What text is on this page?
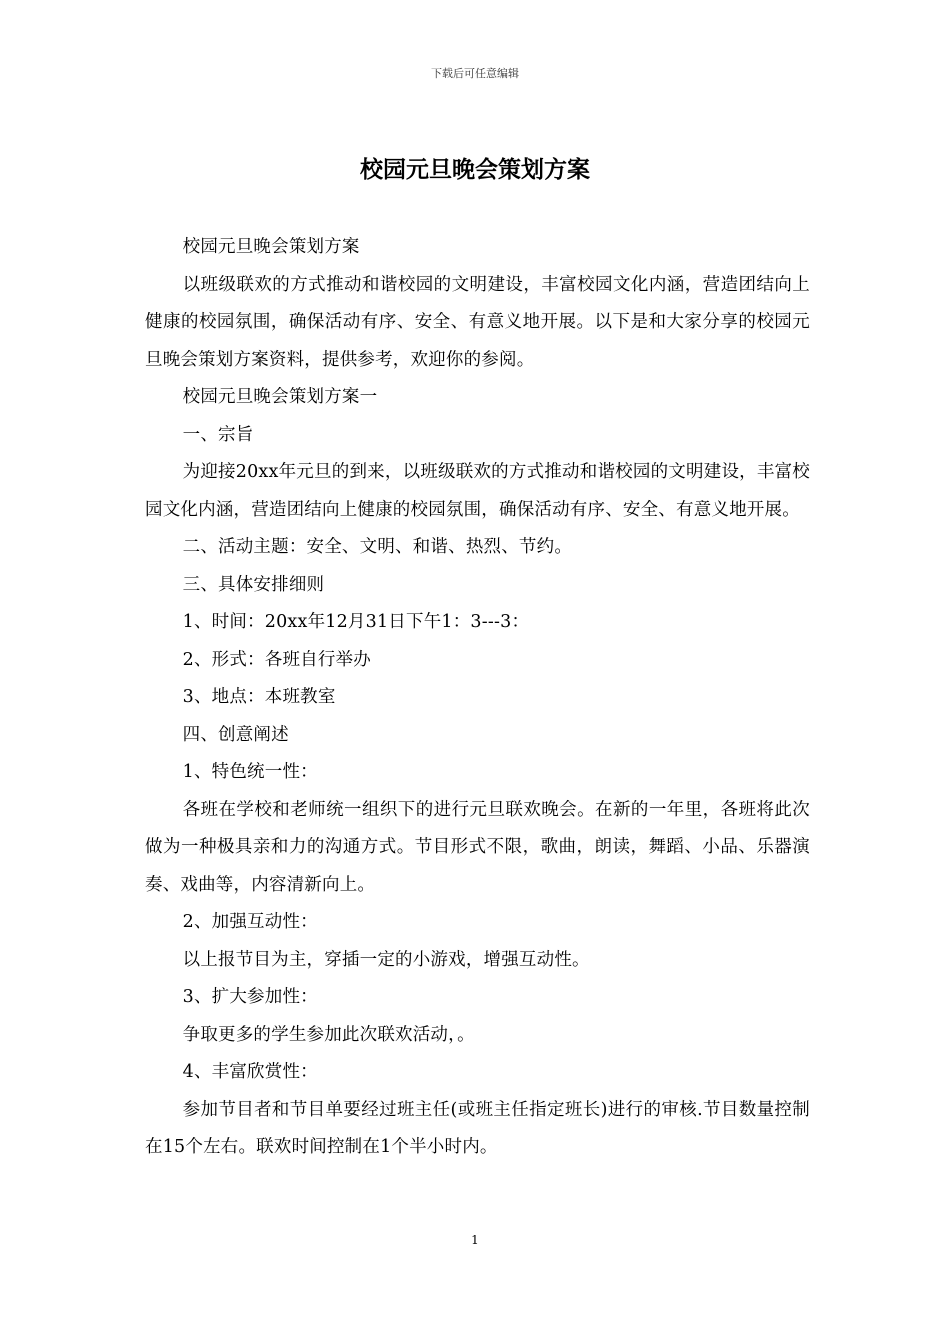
下载后可任意编辑
校园元旦晚会策划方案

校园元旦晚会策划方案

以班级联欢的方式推动和谐校园的文明建设，丰富校园文化内涵，营造团结向上健康的校园氛围，确保活动有序、安全、有意义地开展。以下是和大家分享的校园元旦晚会策划方案资料，提供参考，欢迎你的参阅。

校园元旦晚会策划方案一

一、宗旨

为迎接20xx年元旦的到来，以班级联欢的方式推动和谐校园的文明建设，丰富校园文化内涵，营造团结向上健康的校园氛围，确保活动有序、安全、有意义地开展。

二、活动主题：安全、文明、和谐、热烈、节约。

三、具体安排细则

1、时间：20xx年12月31日下午1：3---3：

2、形式：各班自行举办

3、地点：本班教室

四、创意阐述

1、特色统一性：

各班在学校和老师统一组织下的进行元旦联欢晚会。在新的一年里，各班将此次做为一种极具亲和力的沟通方式。节目形式不限，歌曲，朗读，舞蹈、小品、乐器演奏、戏曲等，内容清新向上。

2、加强互动性：

以上报节目为主，穿插一定的小游戏，增强互动性。

3、扩大参加性：

争取更多的学生参加此次联欢活动，。

4、丰富欣赏性：

参加节目者和节目单要经过班主任(或班主任指定班长)进行的审核.节目数量控制在15个左右。联欢时间控制在1个半小时内。

1
